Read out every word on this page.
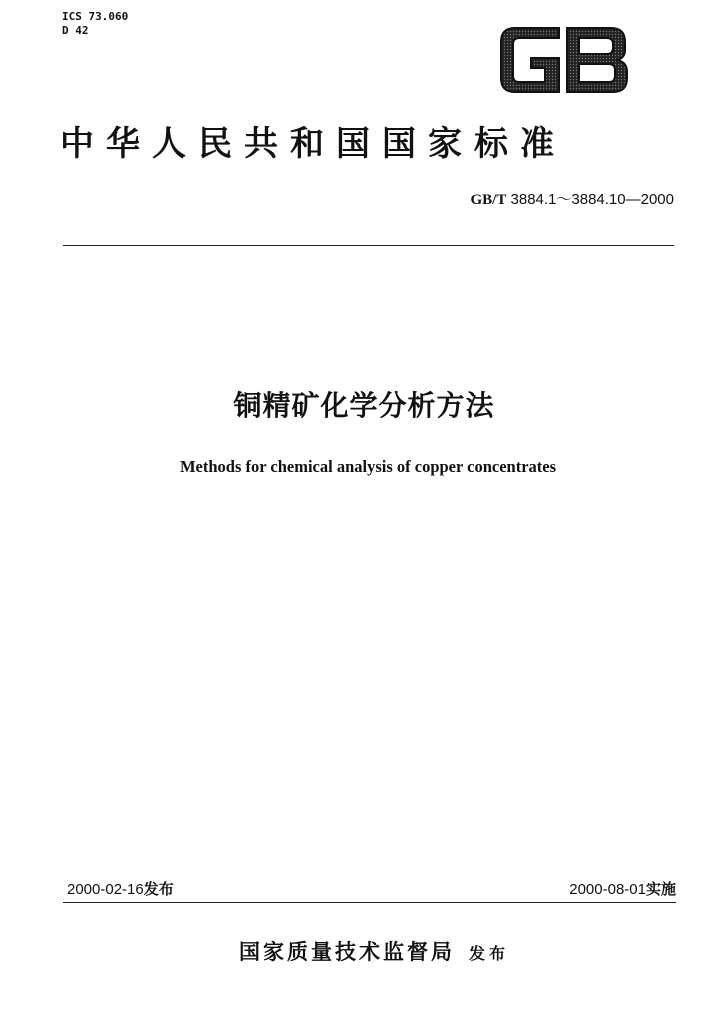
ICS 73.060
D 42
中华人民共和国国家标准
GB/T 3884.1～3884.10—2000
铜精矿化学分析方法
Methods for chemical analysis of copper concentrates
2000-02-16发布	2000-08-01实施
国家质量技术监督局 发布
